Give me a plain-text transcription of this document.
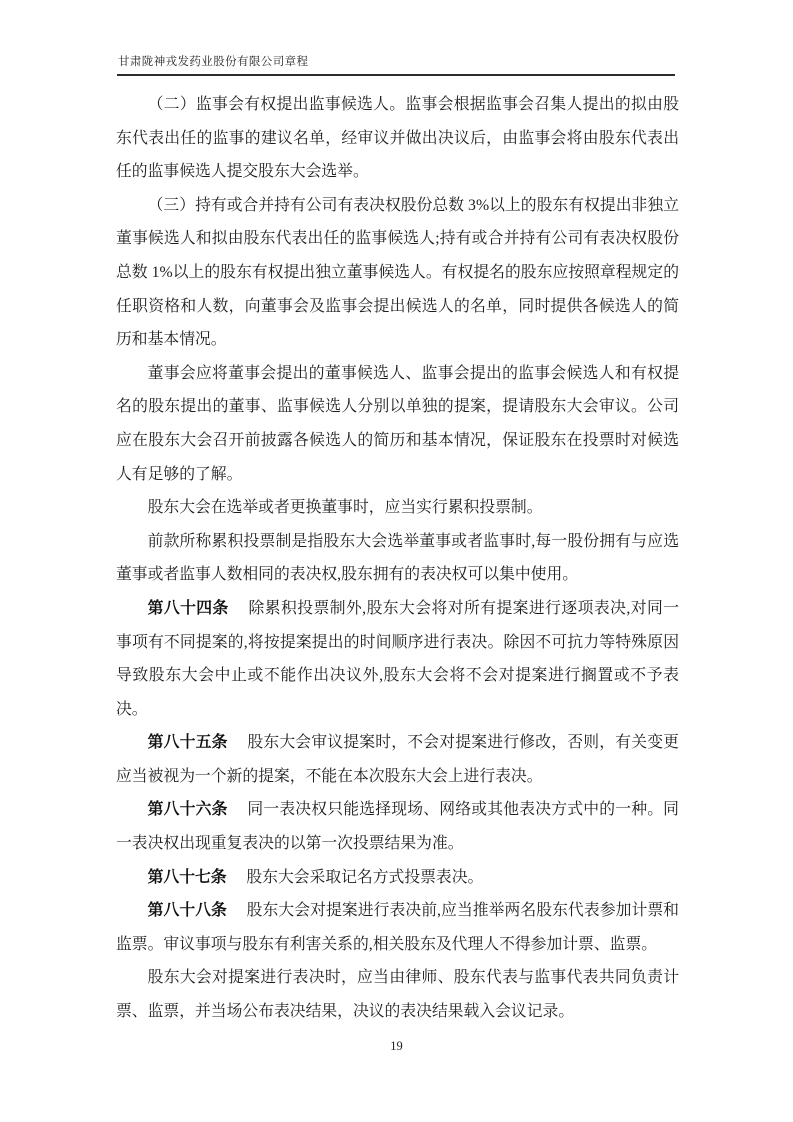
甘肃陇神戎发药业股份有限公司章程

（二）监事会有权提出监事候选人。监事会根据监事会召集人提出的拟由股东代表出任的监事的建议名单，经审议并做出决议后，由监事会将由股东代表出任的监事候选人提交股东大会选举。

（三）持有或合并持有公司有表决权股份总数 3%以上的股东有权提出非独立董事候选人和拟由股东代表出任的监事候选人;持有或合并持有公司有表决权股份总数 1%以上的股东有权提出独立董事候选人。有权提名的股东应按照章程规定的任职资格和人数，向董事会及监事会提出候选人的名单，同时提供各候选人的简历和基本情况。

董事会应将董事会提出的董事候选人、监事会提出的监事会候选人和有权提名的股东提出的董事、监事候选人分别以单独的提案，提请股东大会审议。公司应在股东大会召开前披露各候选人的简历和基本情况，保证股东在投票时对候选人有足够的了解。

股东大会在选举或者更换董事时，应当实行累积投票制。

前款所称累积投票制是指股东大会选举董事或者监事时,每一股份拥有与应选董事或者监事人数相同的表决权,股东拥有的表决权可以集中使用。

第八十四条 除累积投票制外,股东大会将对所有提案进行逐项表决,对同一事项有不同提案的,将按提案提出的时间顺序进行表决。除因不可抗力等特殊原因导致股东大会中止或不能作出决议外,股东大会将不会对提案进行搁置或不予表决。

第八十五条 股东大会审议提案时，不会对提案进行修改，否则，有关变更应当被视为一个新的提案，不能在本次股东大会上进行表决。

第八十六条 同一表决权只能选择现场、网络或其他表决方式中的一种。同一表决权出现重复表决的以第一次投票结果为准。

第八十七条 股东大会采取记名方式投票表决。

第八十八条 股东大会对提案进行表决前,应当推举两名股东代表参加计票和监票。审议事项与股东有利害关系的,相关股东及代理人不得参加计票、监票。

股东大会对提案进行表决时，应当由律师、股东代表与监事代表共同负责计票、监票，并当场公布表决结果，决议的表决结果载入会议记录。

19
